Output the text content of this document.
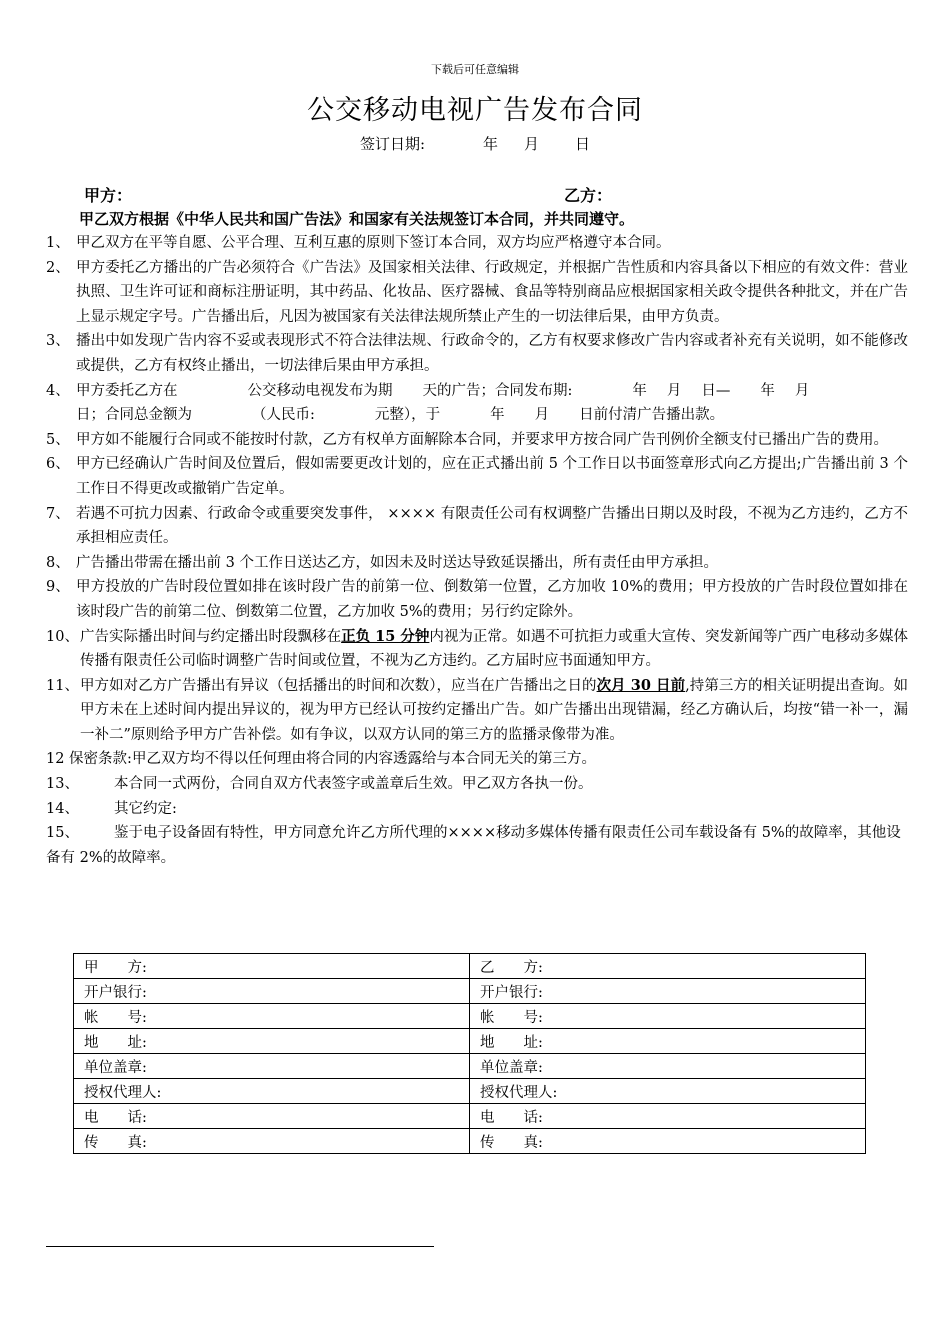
下载后可任意编辑
公交移动电视广告发布合同
签订日期:	年 月 日
甲方：	乙方：
甲乙双方根据《中华人民共和国广告法》和国家有关法规签订本合同，并共同遵守。
1、 甲乙双方在平等自愿、公平合理、互利互惠的原则下签订本合同，双方均应严格遵守本合同。
2、 甲方委托乙方播出的广告必须符合《广告法》及国家相关法律、行政规定，并根据广告性质和内容具备以下相应的有效文件：营业执照、卫生许可证和商标注册证明，其中药品、化妆品、医疗器械、食品等特别商品应根据国家相关政令提供各种批文，并在广告上显示规定字号。广告播出后，凡因为被国家有关法律法规所禁止产生的一切法律后果，由甲方负责。
3、 播出中如发现广告内容不妥或表现形式不符合法律法规、行政命令的，乙方有权要求修改广告内容或者补充有关说明，如不能修改或提供，乙方有权终止播出，一切法律后果由甲方承担。
4、 甲方委托乙方在	公交移动电视发布为期 天的广告；合同发布期:	年 月 日— 年 月
日；合同总金额为	（人民币:	元整），于	年 月 日前付清广告播出款。
5、 甲方如不能履行合同或不能按时付款，乙方有权单方面解除本合同，并要求甲方按合同广告刊例价全额支付已播出广告的费用。
6、 甲方已经确认广告时间及位置后，假如需要更改计划的，应在正式播出前 5 个工作日以书面签章形式向乙方提出;广告播出前 3 个工作日不得更改或撤销广告定单。
7、 若遇不可抗力因素、行政命令或重要突发事件， ×××× 有限责任公司有权调整广告播出日期以及时段，不视为乙方违约，乙方不承担相应责任。
8、 广告播出带需在播出前 3 个工作日送达乙方，如因未及时送达导致延误播出，所有责任由甲方承担。
9、 甲方投放的广告时段位置如排在该时段广告的前第一位、倒数第一位置，乙方加收 10%的费用；甲方投放的广告时段位置如排在该时段广告的前第二位、倒数第二位置，乙方加收 5%的费用；另行约定除外。
10、 广告实际播出时间与约定播出时段飘移在正负 15 分钟内视为正常。如遇不可抗拒力或重大宣传、突发新闻等广西广电移动多媒体传播有限责任公司临时调整广告时间或位置，不视为乙方违约。乙方届时应书面通知甲方。
11、 甲方如对乙方广告播出有异议（包括播出的时间和次数），应当在广告播出之日的次月 30 日前,持第三方的相关证明提出查询。如甲方未在上述时间内提出异议的，视为甲方已经认可按约定播出广告。如广告播出出现错漏，经乙方确认后，均按“错一补一，漏一补二”原则给予甲方广告补偿。如有争议，以双方认同的第三方的监播录像带为准。
12 保密条款:甲乙双方均不得以任何理由将合同的内容透露给与本合同无关的第三方。
13、	本合同一式两份，合同自双方代表签字或盖章后生效。甲乙双方各执一份。
14、	其它约定:
15、 鉴于电子设备固有特性，甲方同意允许乙方所代理的××××移动多媒体传播有限责任公司车载设备有 5%的故障率，其他设备有 2%的故障率。
甲　　方:	乙　　方:
开户银行:	开户银行:
帐　　号:	帐　　号:
地　　址:	地　　址:
单位盖章:	单位盖章:
授权代理人:	授权代理人:
电　　话:	电　　话:
传　　真:	传　　真:
